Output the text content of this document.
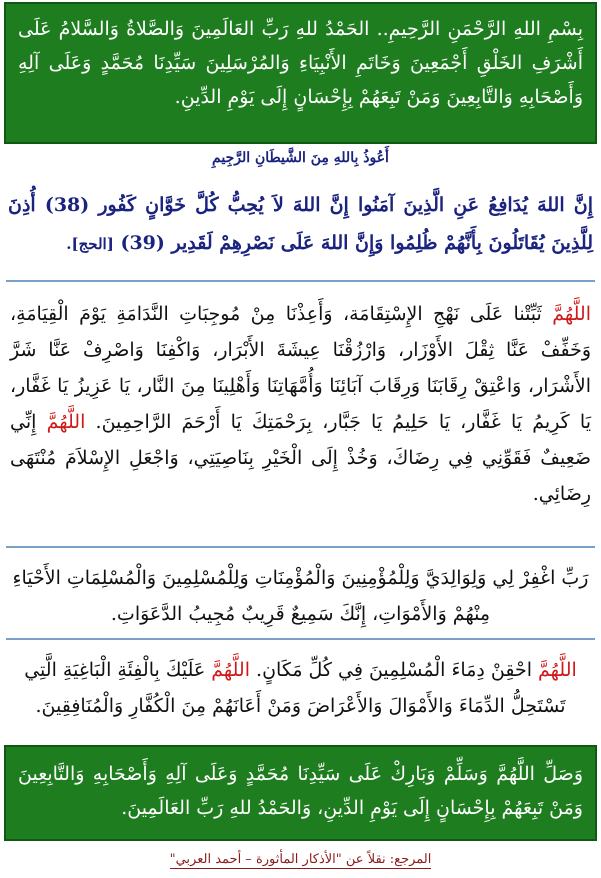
بِسْمِ اللهِ الرَّحْمَنِ الرَّحِيمِ.. الحَمْدُ للهِ رَبِّ العَالَمِينَ وَالصَّلاةُ وَالسَّلامُ عَلَى أَشْرَفِ الخَلْقِ أَجْمَعِينَ وَخَاتَمِ الأَنْبِيَاءِ وَالمُرْسَلِينَ سَيِّدِنَا مُحَمَّدٍ وَعَلَى آلِهِ وَأَصْحَابِهِ وَالتَّابِعِينَ وَمَنْ تَبِعَهُمْ بِإِحْسَانٍ إِلَى يَوْمِ الدِّينِ.
أَعُوذُ بِاللهِ مِنَ الشَّيطَانِ الرَّجِيمِ
إِنَّ اللهَ يُدَافِعُ عَنِ الَّذِينَ آمَنُوا إِنَّ اللهَ لاَ يُحِبُّ كُلَّ خَوَّانٍ كَفُور (38) أُذِنَ لِلَّذِينَ يُقَاتَلُونَ بِأَنَّهُمْ ظُلِمُوا وَإِنَّ اللهَ عَلَى نَصْرِهِمْ لَقَدِير (39) [الحج].
اللَّهُمَّ ثَبِّتْنا عَلَى نَهْجِ الإِسْتِقَامَة، وَأَعِذْنَا مِنْ مُوجِبَاتِ النَّدَامَةِ يَوْمَ الْقِيَامَةِ، وَخَفِّفْ عَنَّا ثِقْلَ الأَوْزَار، وَارْزُقْنَا عِيشَةَ الأَبْرَار، وَاكْفِنَا وَاصْرِفْ عَنَّا شَرَّ الأَشْرَار، وَاعْتِقْ رِقَابَنَا وَرِقَابَ آبَائِنَا وَأُمَّهَاتِنَا وَأَهْلِينَا مِنَ النَّار، يَا عَزِيزُ يَا غَفَّار، يَا كَرِيمُ يَا غَفَّار، يَا حَلِيمُ يَا جَبَّار، بِرَحْمَتِكَ يَا أَرْحَمَ الرَّاحِمِينَ. اللَّهُمَّ إِنِّي ضَعِيفٌ فَقَوِّنِي فِي رِضَاكَ، وَخُذْ إِلَى الْخَيْرِ بِنَاصِيَتِي، وَاجْعَلِ الإِسْلاَمَ مُنْتَهَى رِضَائِي.
رَبِّ اغْفِرْ لِي وَلِوَالِدَيَّ وَلِلْمُؤْمِنِينَ وَالْمُؤْمِنَاتِ وَلِلْمُسْلِمِينَ وَالْمُسْلِمَاتِ الأَحْيَاءِ مِنْهُمْ وَالأَمْوَاتِ، إِنَّكَ سَمِيعٌ قَرِيبٌ مُجِيبُ الدَّعَوَاتِ.
اللَّهُمَّ احْقِنْ دِمَاءَ الْمُسْلِمِينَ فِي كُلِّ مَكَانٍ. اللَّهُمَّ عَلَيْكَ بِالْفِئَةِ الْبَاغِيَةِ الَّتِي تَسْتَحِلُّ الدِّمَاءَ وَالأَمْوَالَ وَالأَعْرَاضَ وَمَنْ أَعَانَهُمْ مِنَ الْكُفَّارِ وَالْمُنَافِقِينَ.
وَصَلِّ اللَّهُمَّ وَسَلِّمْ وَبَارِكْ عَلَى سَيِّدِنَا مُحَمَّدٍ وَعَلَى آلِهِ وَأَصْحَابِهِ وَالتَّابِعِينَ وَمَنْ تَبِعَهُمْ بِإِحْسَانٍ إِلَى يَوْمِ الدِّينِ، وَالحَمْدُ للهِ رَبِّ العَالَمِينَ.
المرجع: نقلاً عن "الأذكار المأثورة – أحمد العربي"
